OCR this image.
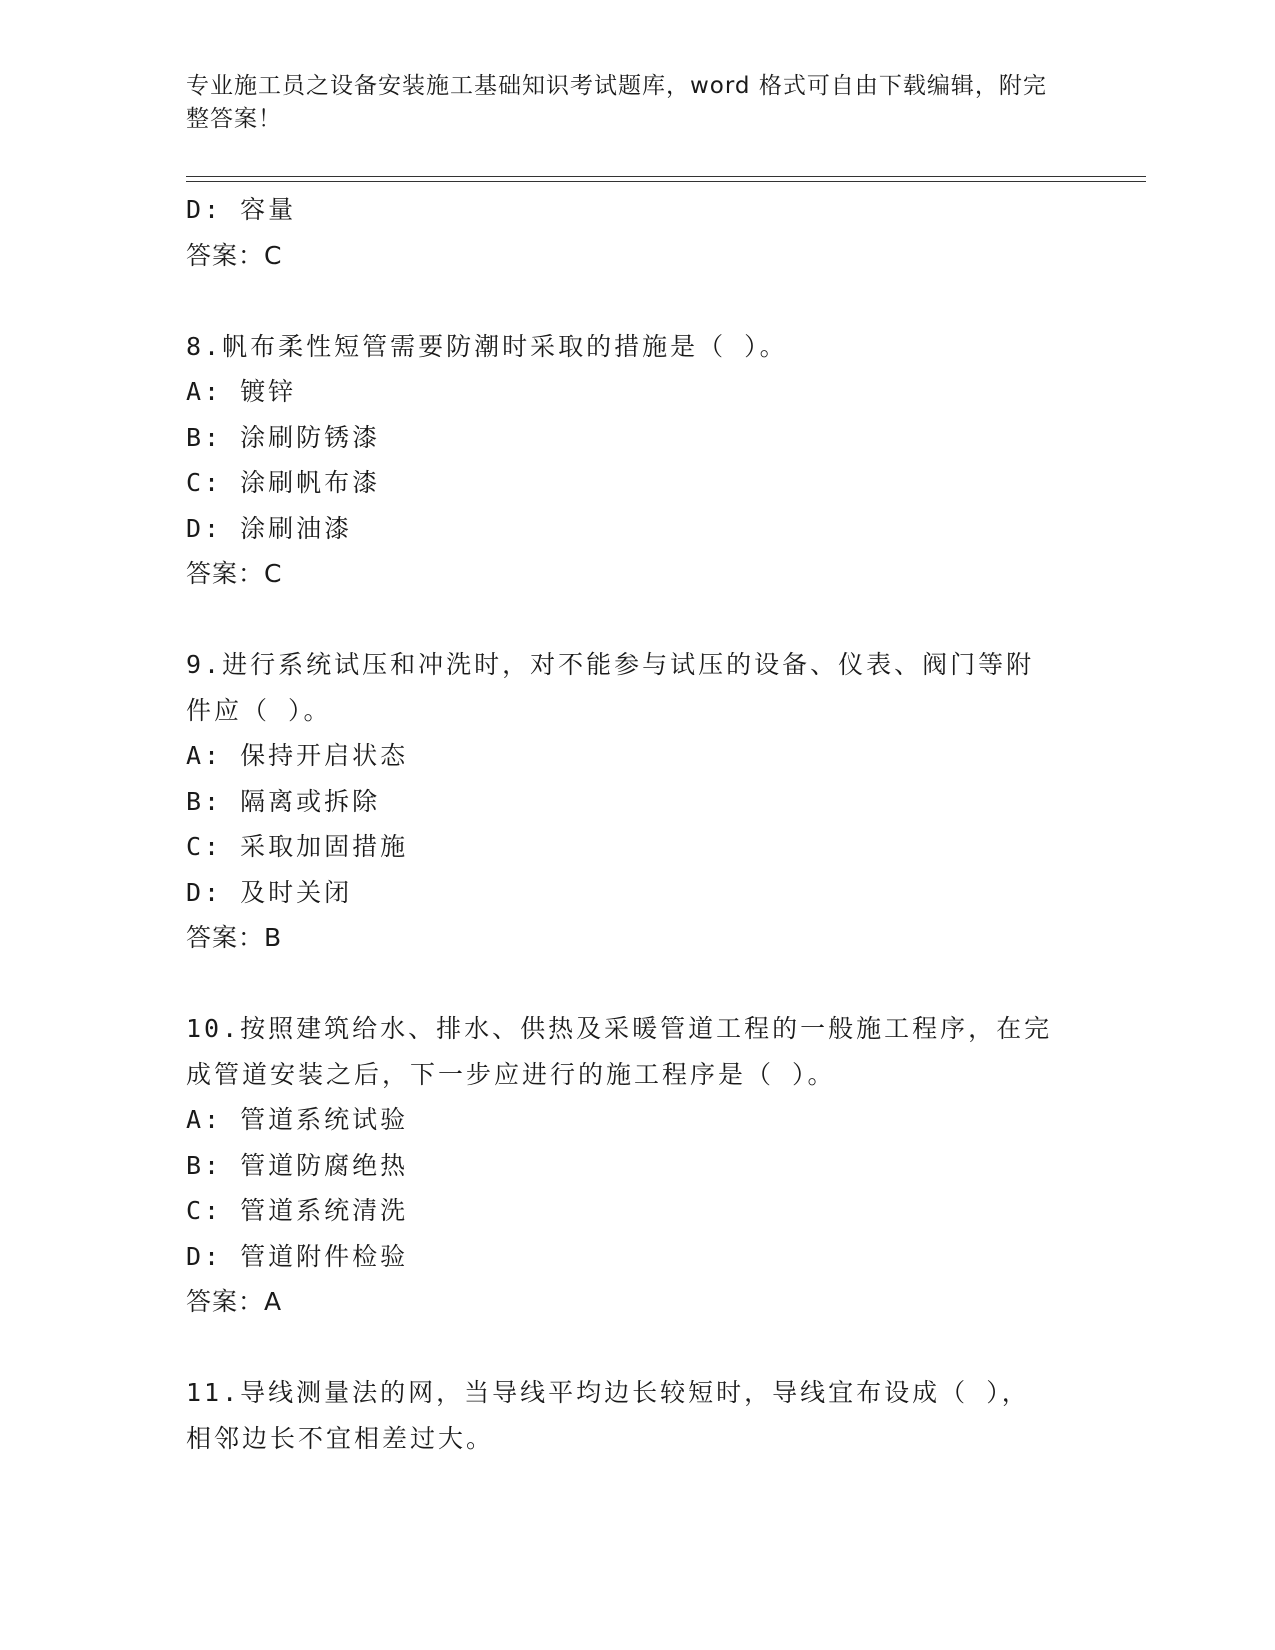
专业施工员之设备安装施工基础知识考试题库，word 格式可自由下载编辑，附完
整答案！
D: 容量
答案：C
8.帆布柔性短管需要防潮时采取的措施是（ ）。
A: 镀锌
B: 涂刷防锈漆
C: 涂刷帆布漆
D: 涂刷油漆
答案：C
9.进行系统试压和冲洗时，对不能参与试压的设备、仪表、阀门等附
件应（ ）。
A: 保持开启状态
B: 隔离或拆除
C: 采取加固措施
D: 及时关闭
答案：B
10.按照建筑给水、排水、供热及采暖管道工程的一般施工程序，在完
成管道安装之后，下一步应进行的施工程序是（ ）。
A: 管道系统试验
B: 管道防腐绝热
C: 管道系统清洗
D: 管道附件检验
答案：A
11.导线测量法的网，当导线平均边长较短时，导线宜布设成（ ），
相邻边长不宜相差过大。
